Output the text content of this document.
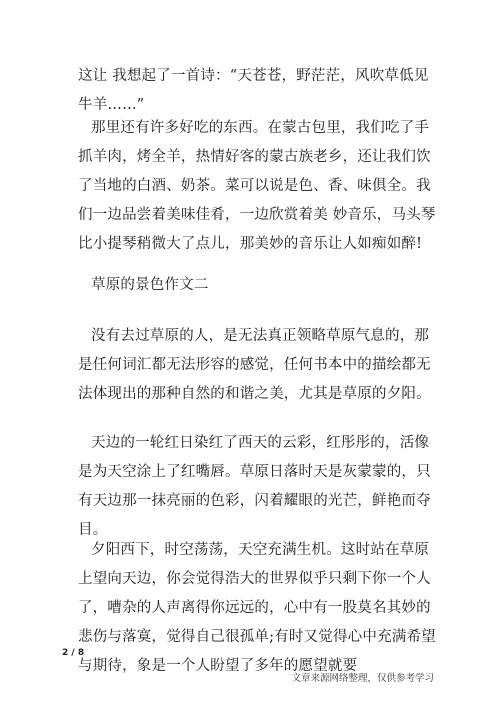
这让 我想起了一首诗：“天苍苍，野茫茫，风吹草低见牛羊……”

那里还有许多好吃的东西。在蒙古包里，我们吃了手抓羊肉，烤全羊，热情好客的蒙古族老乡，还让我们饮了当地的白酒、奶茶。菜可以说是色、香、味俱全。我们一边品尝着美味佳肴，一边欣赏着美 妙音乐，马头琴比小提琴稍微大了点儿，那美妙的音乐让人如痴如醉!

草原的景色作文二

没有去过草原的人，是无法真正领略草原气息的，那是任何词汇都无法形容的感觉，任何书本中的描绘都无法体现出的那种自然的和谐之美，尤其是草原的夕阳。

天边的一轮红日染红了西天的云彩，红彤彤的，活像是为天空涂上了红嘴唇。草原日落时天是灰蒙蒙的，只有天边那一抹亮丽的色彩，闪着耀眼的光芒，鲜艳而夺目。

夕阳西下，时空荡荡，天空充满生机。这时站在草原上望向天边，你会觉得浩大的世界似乎只剩下你一个人了，嘈杂的人声离得你远远的，心中有一股莫名其妙的悲伤与落寞，觉得自己很孤单;有时又觉得心中充满希望与期待，象是一个人盼望了多年的愿望就要

2 / 8
文章来源网络整理，仅供参考学习
